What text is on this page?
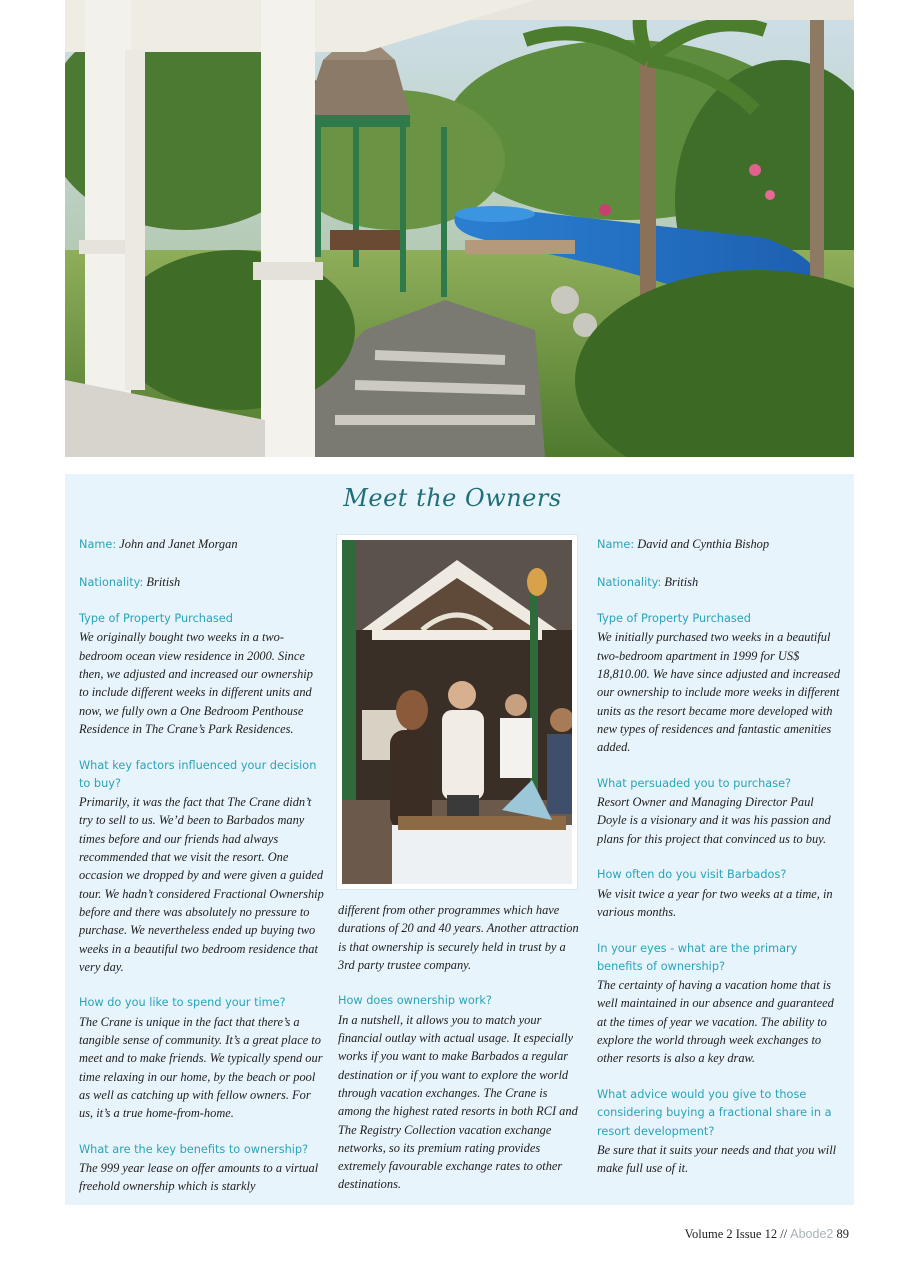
Meet the Owners

Name: John and Janet Morgan

Nationality: British

Type of Property Purchased
We originally bought two weeks in a two-bedroom ocean view residence in 2000. Since then, we adjusted and increased our ownership to include different weeks in different units and now, we fully own a One Bedroom Penthouse Residence in The Crane’s Park Residences.

What key factors influenced your decision to buy?
Primarily, it was the fact that The Crane didn’t try to sell to us. We’d been to Barbados many times before and our friends had always recommended that we visit the resort. One occasion we dropped by and were given a guided tour. We hadn’t considered Fractional Ownership before and there was absolutely no pressure to purchase. We nevertheless ended up buying two weeks in a beautiful two bedroom residence that very day.

How do you like to spend your time?
The Crane is unique in the fact that there’s a tangible sense of community. It’s a great place to meet and to make friends. We typically spend our time relaxing in our home, by the beach or pool as well as catching up with fellow owners. For us, it’s a true home-from-home.

What are the key benefits to ownership?
The 999 year lease on offer amounts to a virtual freehold ownership which is starkly

different from other programmes which have durations of 20 and 40 years. Another attraction is that ownership is securely held in trust by a 3rd party trustee company.

How does ownership work?
In a nutshell, it allows you to match your financial outlay with actual usage. It especially works if you want to make Barbados a regular destination or if you want to explore the world through vacation exchanges. The Crane is among the highest rated resorts in both RCI and The Registry Collection vacation exchange networks, so its premium rating provides extremely favourable exchange rates to other destinations.

Name: David and Cynthia Bishop

Nationality: British

Type of Property Purchased
We initially purchased two weeks in a beautiful two-bedroom apartment in 1999 for US$ 18,810.00. We have since adjusted and increased our ownership to include more weeks in different units as the resort became more developed with new types of residences and fantastic amenities added.

What persuaded you to purchase?
Resort Owner and Managing Director Paul Doyle is a visionary and it was his passion and plans for this project that convinced us to buy.

How often do you visit Barbados?
We visit twice a year for two weeks at a time, in various months.

In your eyes - what are the primary benefits of ownership?
The certainty of having a vacation home that is well maintained in our absence and guaranteed at the times of year we vacation. The ability to explore the world through week exchanges to other resorts is also a key draw.

What advice would you give to those considering buying a fractional share in a resort development?
Be sure that it suits your needs and that you will make full use of it.

Volume 2 Issue 12 // Abode2 89
